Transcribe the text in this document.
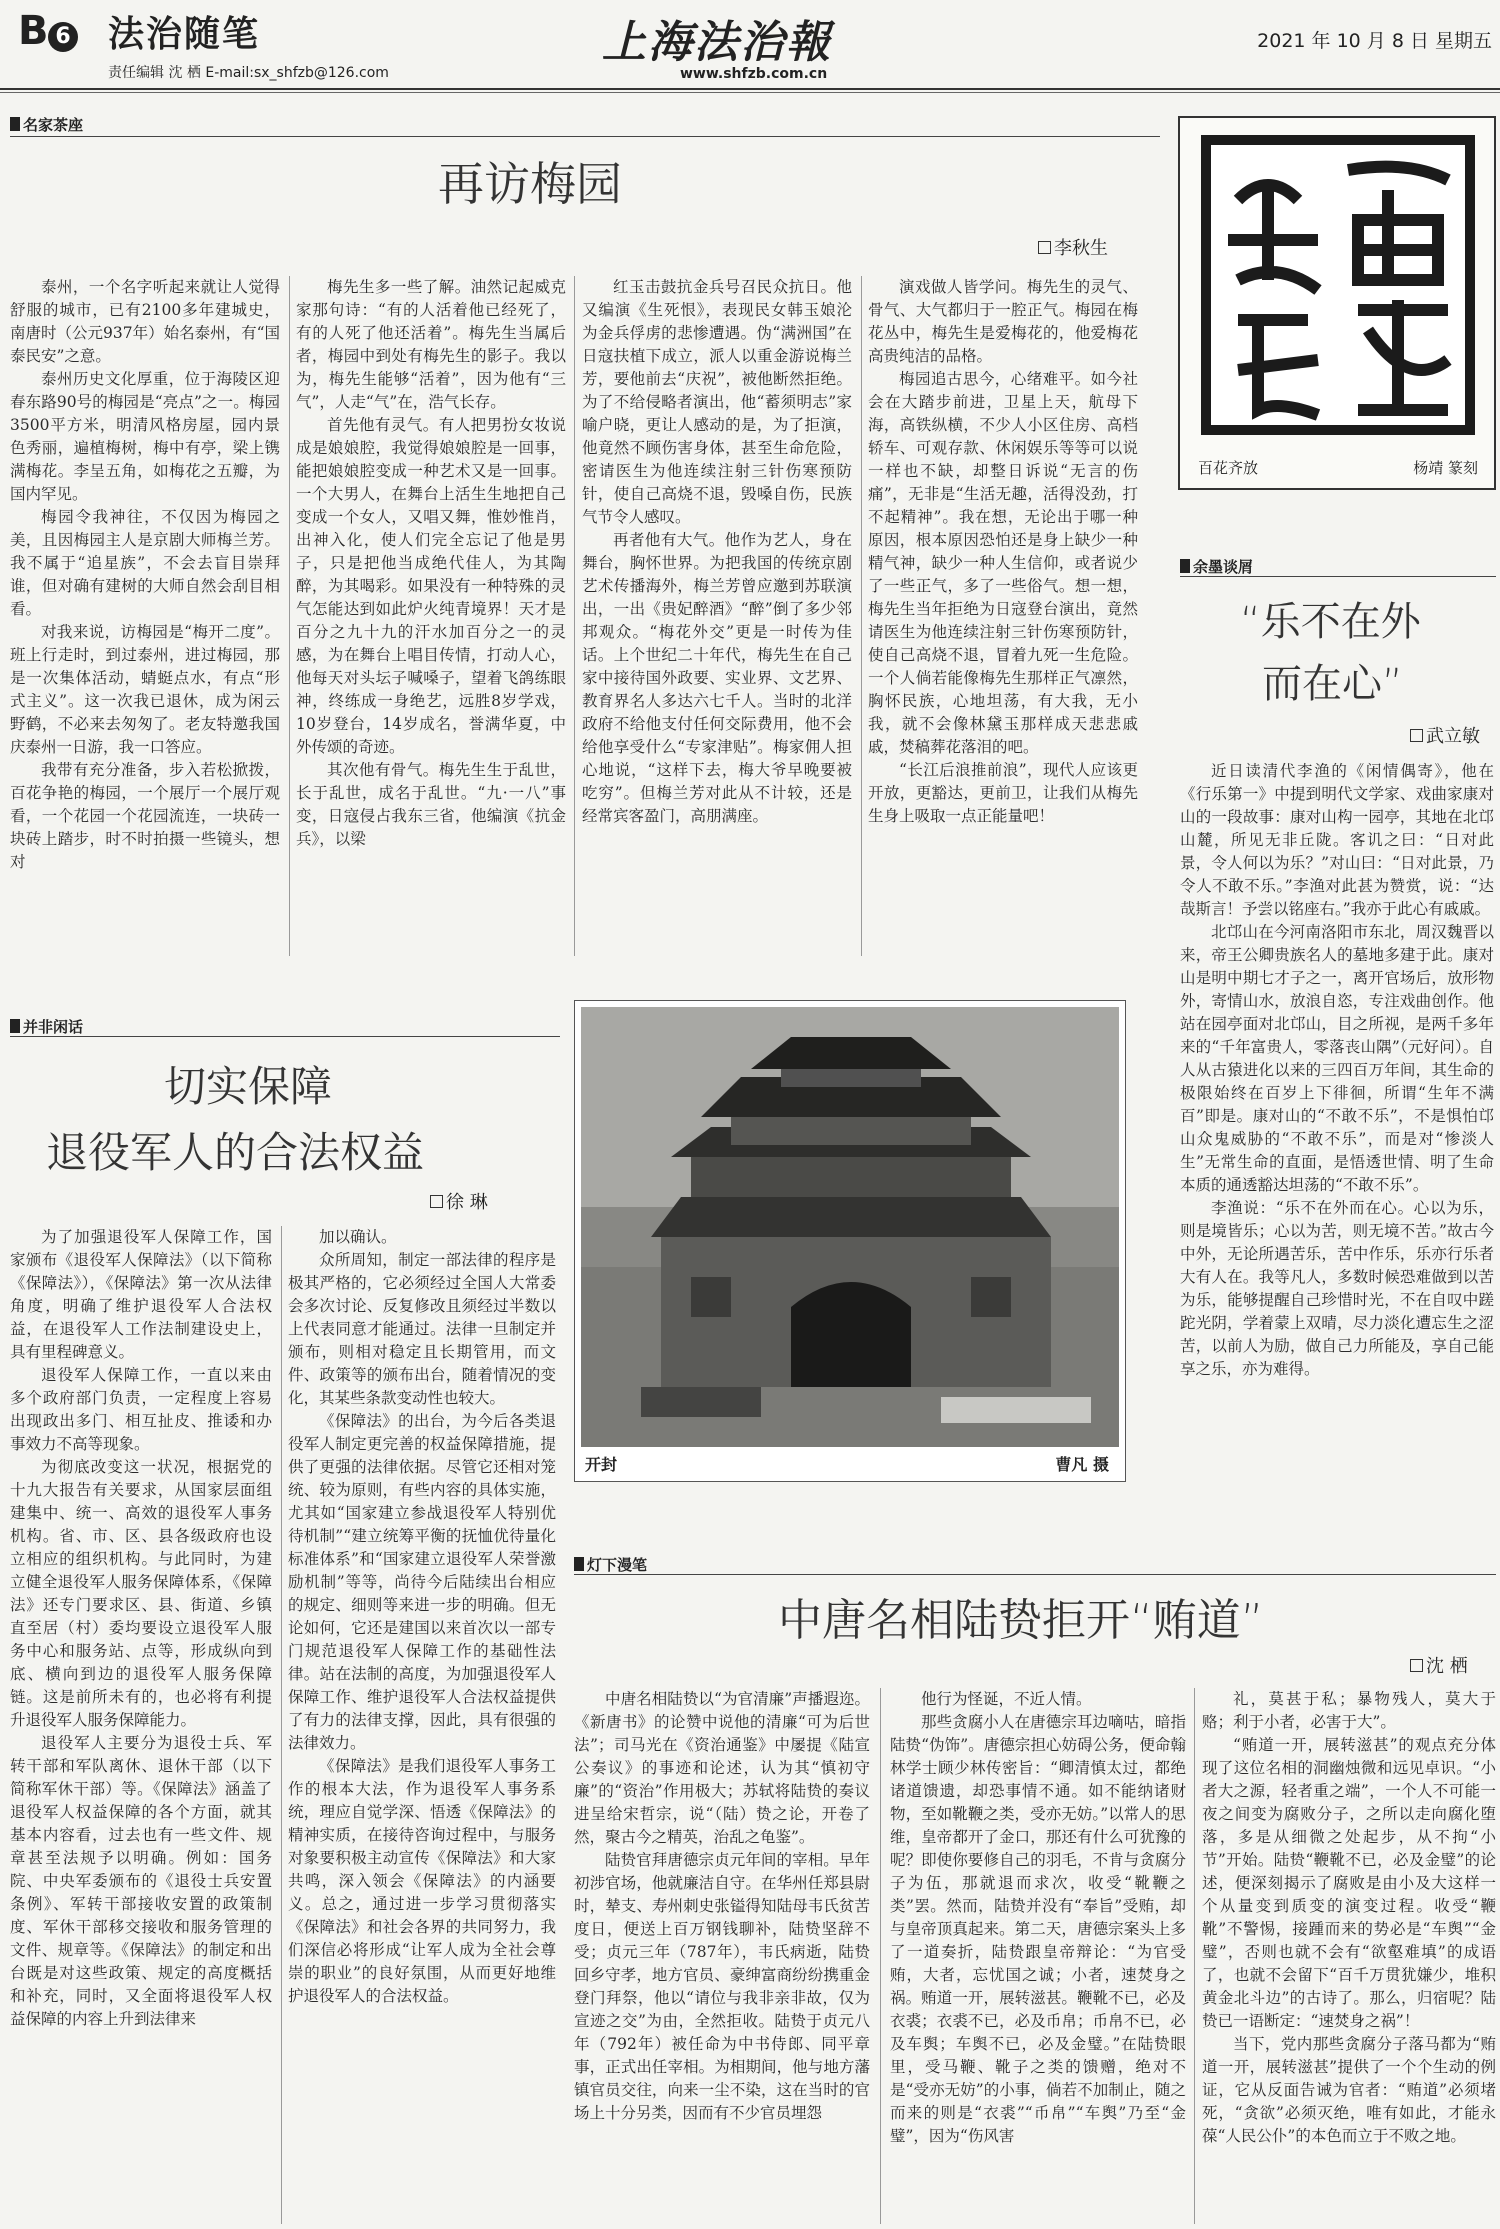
B 6 法治随笔
责任编辑 沈 栖 E-mail:sx_shfzb@126.com
上海法治報
www.shfzb.com.cn
2021 年 10 月 8 日 星期五
名家茶座
再访梅园
李秋生

泰州，一个名字听起来就让人觉得舒服的城市，已有2100多年建城史，南唐时（公元937年）始名泰州，有“国泰民安”之意。

泰州历史文化厚重，位于海陵区迎春东路90号的梅园是“亮点”之一。梅园3500平方米，明清风格房屋，园内景色秀丽，遍植梅树，梅中有亭，梁上镌满梅花。李呈五角，如梅花之五瓣，为国内罕见。

梅园令我神往，不仅因为梅园之美，且因梅园主人是京剧大师梅兰芳。我不属于“追星族”，不会去盲目崇拜谁，但对确有建树的大师自然会刮目相看。

对我来说，访梅园是“梅开二度”。班上行走时，到过泰州，进过梅园，那是一次集体活动，蜻蜓点水，有点“形式主义”。这一次我已退休，成为闲云野鹤，不必来去匆匆了。老友特邀我国庆泰州一日游，我一口答应。

我带有充分准备，步入若松掀拨，百花争艳的梅园，一个展厅一个展厅观看，一个花园一个花园流连，一块砖一块砖上踏步，时不时拍摄一些镜头，想对

梅先生多一些了解。油然记起威克家那句诗：“有的人活着他已经死了，有的人死了他还活着”。梅先生当属后者，梅园中到处有梅先生的影子。我以为，梅先生能够“活着”，因为他有“三气”，人走“气”在，浩气长存。

首先他有灵气。有人把男扮女妆说成是娘娘腔，我觉得娘娘腔是一回事，能把娘娘腔变成一种艺术又是一回事。一个大男人，在舞台上活生生地把自己变成一个女人，又唱又舞，惟妙惟肖，出神入化，使人们完全忘记了他是男子，只是把他当成绝代佳人，为其陶醉，为其喝彩。如果没有一种特殊的灵气怎能达到如此炉火纯青境界！天才是百分之九十九的汗水加百分之一的灵感，为在舞台上唱目传情，打动人心，他每天对头坛子喊嗓子，望着飞鸽练眼神，终练成一身绝艺，远胜8岁学戏，10岁登台，14岁成名，誉满华夏，中外传颂的奇迹。

其次他有骨气。梅先生生于乱世，长于乱世，成名于乱世。“九·一八”事变，日寇侵占我东三省，他编演《抗金兵》，以梁

红玉击鼓抗金兵号召民众抗日。他又编演《生死恨》，表现民女韩玉娘沦为金兵俘虏的悲惨遭遇。伪“满洲国”在日寇扶植下成立，派人以重金游说梅兰芳，要他前去“庆祝”，被他断然拒绝。为了不给侵略者演出，他“蓄须明志”家喻户晓，更让人感动的是，为了拒演，他竟然不顾伤害身体，甚至生命危险，密请医生为他连续注射三针伤寒预防针，使自己高烧不退，毁嗓自伤，民族气节令人感叹。

再者他有大气。他作为艺人，身在舞台，胸怀世界。为把我国的传统京剧艺术传播海外，梅兰芳曾应邀到苏联演出，一出《贵妃醉酒》“醉”倒了多少邻邦观众。“梅花外交”更是一时传为佳话。上个世纪二十年代，梅先生在自己家中接待国外政要、实业界、文艺界、教育界名人多达六七千人。当时的北洋政府不给他支付任何交际费用，他不会给他享受什么“专家津贴”。梅家佣人担心地说，“这样下去，梅大爷早晚要被吃穷”。但梅兰芳对此从不计较，还是经常宾客盈门，高朋满座。

演戏做人皆学问。梅先生的灵气、骨气、大气都归于一腔正气。梅园在梅花丛中，梅先生是爱梅花的，他爱梅花高贵纯洁的品格。

梅园追古思今，心绪难平。如今社会在大踏步前进，卫星上天，航母下海，高铁纵横，不少人小区住房、高档轿车、可观存款、休闲娱乐等等可以说一样也不缺，却整日诉说“无言的伤痛”，无非是“生活无趣，活得没劲，打不起精神”。我在想，无论出于哪一种原因，根本原因恐怕还是身上缺少一种精气神，缺少一种人生信仰，或者说少了一些正气，多了一些俗气。想一想，梅先生当年拒绝为日寇登台演出，竟然请医生为他连续注射三针伤寒预防针，使自己高烧不退，冒着九死一生危险。一个人倘若能像梅先生那样正气凛然，胸怀民族，心地坦荡，有大我，无小我，就不会像林黛玉那样成天悲悲戚戚，焚稿葬花落泪的吧。

“长江后浪推前浪”，现代人应该更开放，更豁达，更前卫，让我们从梅先生身上吸取一点正能量吧！

百花齐放	杨靖 篆刻
余墨谈屑
“乐不在外
而在心”
武立敏

近日读清代李渔的《闲情偶寄》，他在《行乐第一》中提到明代文学家、戏曲家康对山的一段故事：康对山构一园亭，其地在北邙山麓，所见无非丘陇。客讥之曰：“日对此景，令人何以为乐？”对山曰：“日对此景，乃令人不敢不乐。”李渔对此甚为赞赏，说：“达哉斯言！予尝以铭座右。”我亦于此心有戚戚。

北邙山在今河南洛阳市东北，周汉魏晋以来，帝王公卿贵族名人的墓地多建于此。康对山是明中期七才子之一，离开官场后，放形物外，寄情山水，放浪自恣，专注戏曲创作。他站在园亭面对北邙山，目之所视，是两千多年来的“千年富贵人，零落丧山隅”（元好问）。自人从古猿进化以来的三四百万年间，其生命的极限始终在百岁上下徘徊，所谓“生年不满百”即是。康对山的“不敢不乐”，不是惧怕邙山众鬼威胁的“不敢不乐”，而是对“惨淡人生”无常生命的直面，是悟透世情、明了生命本质的通透豁达坦荡的“不敢不乐”。

李渔说：“乐不在外而在心。心以为乐，则是境皆乐；心以为苦，则无境不苦。”故古今中外，无论所遇苦乐，苦中作乐，乐亦行乐者大有人在。我等凡人，多数时候恐难做到以苦为乐，能够提醒自己珍惜时光，不在自叹中蹉跎光阴，学着蒙上双晴，尽力淡化遭忘生之涩苦，以前人为励，做自己力所能及，享自己能享之乐，亦为难得。

并非闲话
切实保障
退役军人的合法权益
徐 琳

为了加强退役军人保障工作，国家颁布《退役军人保障法》（以下简称《保障法》），《保障法》第一次从法律角度，明确了维护退役军人合法权益，在退役军人工作法制建设史上，具有里程碑意义。

退役军人保障工作，一直以来由多个政府部门负责，一定程度上容易出现政出多门、相互扯皮、推诿和办事效力不高等现象。

为彻底改变这一状况，根据党的十九大报告有关要求，从国家层面组建集中、统一、高效的退役军人事务机构。省、市、区、县各级政府也设立相应的组织机构。与此同时，为建立健全退役军人服务保障体系，《保障法》还专门要求区、县、街道、乡镇直至居（村）委均要设立退役军人服务中心和服务站、点等，形成纵向到底、横向到边的退役军人服务保障链。这是前所未有的，也必将有利提升退役军人服务保障能力。

退役军人主要分为退役士兵、军转干部和军队离休、退休干部（以下简称军休干部）等。《保障法》涵盖了退役军人权益保障的各个方面，就其基本内容看，过去也有一些文件、规章甚至法规予以明确。例如：国务院、中央军委颁布的《退役士兵安置条例》、军转干部接收安置的政策制度、军休干部移交接收和服务管理的文件、规章等。《保障法》的制定和出台既是对这些政策、规定的高度概括和补充，同时，又全面将退役军人权益保障的内容上升到法律来

加以确认。

众所周知，制定一部法律的程序是极其严格的，它必须经过全国人大常委会多次讨论、反复修改且须经过半数以上代表同意才能通过。法律一旦制定并颁布，则相对稳定且长期管用，而文件、政策等的颁布出台，随着情况的变化，其某些条款变动性也较大。

《保障法》的出台，为今后各类退役军人制定更完善的权益保障措施，提供了更强的法律依据。尽管它还相对笼统、较为原则，有些内容的具体实施，尤其如“国家建立参战退役军人特别优待机制”“建立统筹平衡的抚恤优待量化标准体系”和“国家建立退役军人荣誉激励机制”等等，尚待今后陆续出台相应的规定、细则等来进一步的明确。但无论如何，它还是建国以来首次以一部专门规范退役军人保障工作的基础性法律。站在法制的高度，为加强退役军人保障工作、维护退役军人合法权益提供了有力的法律支撑，因此，具有很强的法律效力。

《保障法》是我们退役军人事务工作的根本大法，作为退役军人事务系统，理应自觉学深、悟透《保障法》的精神实质，在接待咨询过程中，与服务对象要积极主动宣传《保障法》和大家共鸣，深入领会《保障法》的内涵要义。总之，通过进一步学习贯彻落实《保障法》和社会各界的共同努力，我们深信必将形成“让军人成为全社会尊崇的职业”的良好氛围，从而更好地维护退役军人的合法权益。

开封	曹凡 摄
灯下漫笔
中唐名相陆贽拒开“贿道”
沈 栖

中唐名相陆贽以“为官清廉”声播遐迩。《新唐书》的论赞中说他的清廉“可为后世法”；司马光在《资治通鉴》中屡提《陆宣公奏议》的事迹和论述，认为其“慎初守廉”的“资治”作用极大；苏轼将陆贽的奏议进呈给宋哲宗，说“（陆）贽之论，开卷了然，聚古今之精英，治乱之龟鉴”。

陆贽官拜唐德宗贞元年间的宰相。早年初涉官场，他就廉洁自守。在华州任郑县尉时，辇支、寿州刺史张镒得知陆母韦氏贫苦度日，便送上百万钢钱聊补，陆贽坚辞不受；贞元三年（787年），韦氏病逝，陆贽回乡守孝，地方官员、豪绅富商纷纷携重金登门拜祭，他以“请位与我非亲非故，仅为宣迹之交”为由，全然拒收。陆贽于贞元八年（792年）被任命为中书侍郎、同平章事，正式出任宰相。为相期间，他与地方藩镇官员交往，向来一尘不染，这在当时的官场上十分另类，因而有不少官员埋怨

他行为怪诞，不近人情。

那些贪腐小人在唐德宗耳边嘀咕，暗指陆贽“伪饰”。唐德宗担心妨碍公务，便命翰林学士顾少林传密旨：“卿清慎太过，都绝诸道馈遗，却恐事情不通。如不能纳诸财物，至如靴鞭之类，受亦无妨。”以常人的思维，皇帝都开了金口，那还有什么可犹豫的呢？即使你要修自己的羽毛，不肯与贪腐分子为伍，那就退而求次，收受“靴鞭之类”罢。然而，陆贽并没有“奉旨”受贿，却与皇帝顶真起来。第二天，唐德宗案头上多了一道奏折，陆贽跟皇帝辩论：“为官受贿，大者，忘忧国之诚；小者，速焚身之祸。贿道一开，展转滋甚。鞭靴不已，必及衣裘；衣裘不已，必及币帛；币帛不已，必及车舆；车舆不已，必及金璧。”在陆贽眼里，受马鞭、靴子之类的馈赠，绝对不是“受亦无妨”的小事，倘若不加制止，随之而来的则是“衣裘”“币帛”“车舆”乃至“金璧”，因为“伤风害

礼，莫甚于私；暴物残人，莫大于赂；利于小者，必害于大”。

“贿道一开，展转滋甚”的观点充分体现了这位名相的洞幽烛微和远见卓识。“小者大之源，轻者重之端”，一个人不可能一夜之间变为腐败分子，之所以走向腐化堕落，多是从细微之处起步，从不拘“小节”开始。陆贽“鞭靴不已，必及金璧”的论述，便深刻揭示了腐败是由小及大这样一个从量变到质变的演变过程。收受“鞭靴”不警惕，接踵而来的势必是“车舆”“金璧”，否则也就不会有“欲壑难填”的成语了，也就不会留下“百千万贯犹嫌少，堆积黄金北斗边”的古诗了。那么，归宿呢？陆贽已一语断定：“速焚身之祸”！

当下，党内那些贪腐分子落马都为“贿道一开，展转滋甚”提供了一个个生动的例证，它从反面告诫为官者：“贿道”必须堵死，“贪欲”必须灭绝，唯有如此，才能永葆“人民公仆”的本色而立于不败之地。
